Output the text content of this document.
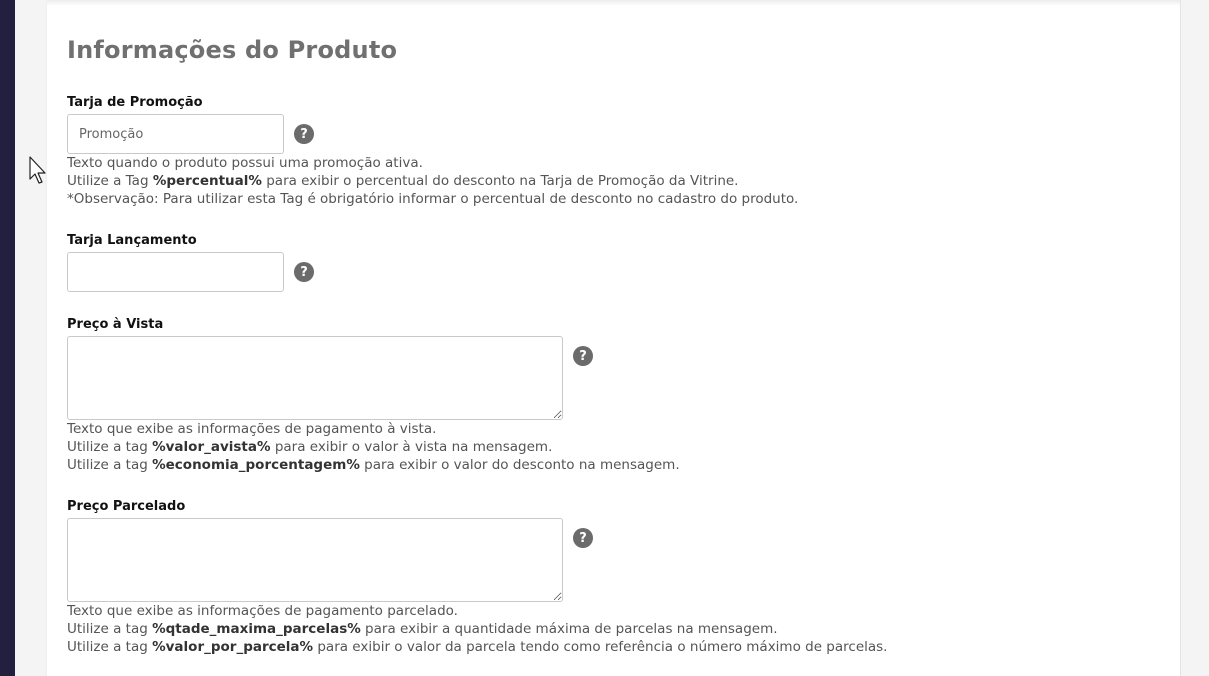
Informações do Produto
Tarja de Promoção
Promoção
?
Texto quando o produto possui uma promoção ativa.
Utilize a Tag %percentual% para exibir o percentual do desconto na Tarja de Promoção da Vitrine.
*Observação: Para utilizar esta Tag é obrigatório informar o percentual de desconto no cadastro do produto.
Tarja Lançamento
?
Preço à Vista
?
Texto que exibe as informações de pagamento à vista.
Utilize a tag %valor_avista% para exibir o valor à vista na mensagem.
Utilize a tag %economia_porcentagem% para exibir o valor do desconto na mensagem.
Preço Parcelado
?
Texto que exibe as informações de pagamento parcelado.
Utilize a tag %qtade_maxima_parcelas% para exibir a quantidade máxima de parcelas na mensagem.
Utilize a tag %valor_por_parcela% para exibir o valor da parcela tendo como referência o número máximo de parcelas.
